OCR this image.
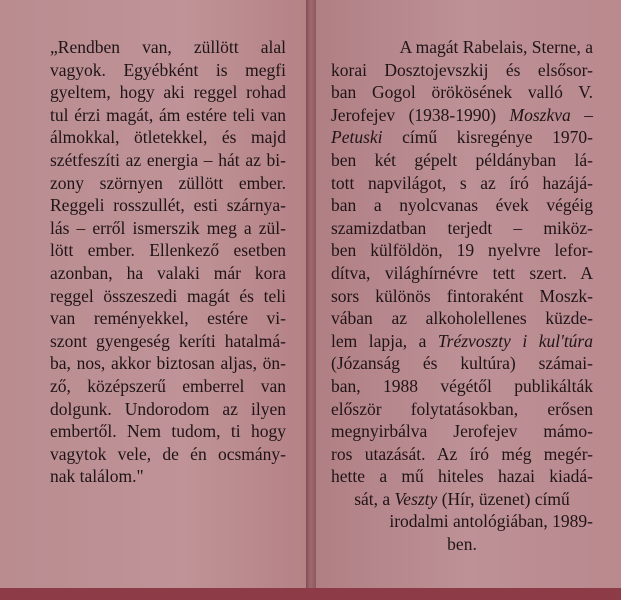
„Rendben van, züllött alal
vagyok. Egyébként is megfi
gyeltem, hogy aki reggel rohad
tul érzi magát, ám estére teli van
álmokkal, ötletekkel, és majd
szétfeszíti az energia – hát az bi-
zony szörnyen züllött ember.
Reggeli rosszullét, esti szárnya-
lás – erről ismerszik meg a zül-
lött ember. Ellenkező esetben
azonban, ha valaki már kora
reggel összeszedi magát és teli
van reményekkel, estére vi-
szont gyengeség keríti hatalmá-
ba, nos, akkor biztosan aljas, ön-
ző, középszerű emberrel van
dolgunk. Undorodom az ilyen
embertől. Nem tudom, ti hogy
vagytok vele, de én ocsmány-
nak találom."
A magát Rabelais, Sterne, a
korai Dosztojevszkij és elsősor-
ban Gogol örökösének valló V.
Jerofejev (1938-1990) Moszkva –
Petuski című kisregénye 1970-
ben két gépelt példányban lá-
tott napvilágot, s az író hazájá-
ban a nyolcvanas évek végéig
szamizdatban terjedt – miköz-
ben külföldön, 19 nyelvre lefor-
dítva, világhírnévre tett szert. A
sors különös fintoraként Moszk-
vában az alkoholellenes küzde-
lem lapja, a Trézvoszty i kul'túra
(Józanság és kultúra) számai-
ban, 1988 végétől publikálták
először folytatásokban, erősen
megnyirbálva Jerofejev mámo-
ros utazását. Az író még megér-
hette a mű hiteles hazai kiadá-
sát, a Veszty (Hír, üzenet) című
irodalmi antológiában, 1989-
ben.
